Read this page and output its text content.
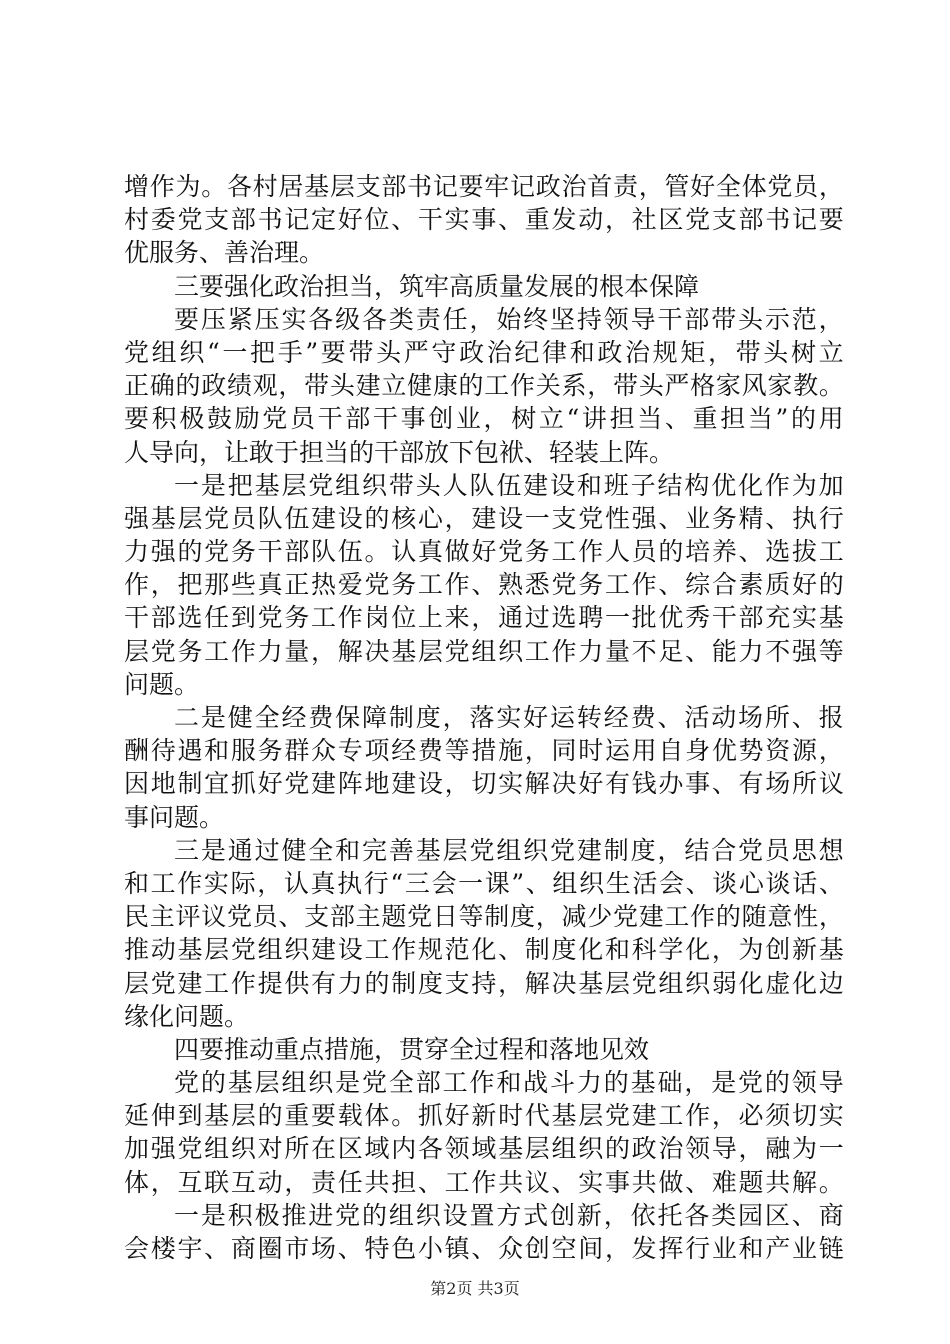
增 作 为 。 各 村 居 基 层 支 部 书 记 要 牢 记 政 治 首 责 ， 管 好 全 体 党 员 ，
村 委 党 支 部 书 记 定 好 位 、 干 实 事 、 重 发 动 ， 社 区 党 支 部 书 记 要
优服务、善治理。
三要强化政治担当，筑牢高质量发展的根本保障
要 压 紧 压 实 各 级 各 类 责 任 ， 始 终 坚 持 领 导 干 部 带 头 示 范 ，
党 组 织 “ 一 把 手 ” 要 带 头 严 守 政 治 纪 律 和 政 治 规 矩 ， 带 头 树 立
正 确 的 政 绩 观 ， 带 头 建 立 健 康 的 工 作 关 系 ， 带 头 严 格 家 风 家 教 。
要 积 极 鼓 励 党 员 干 部 干 事 创 业 ， 树 立 “ 讲 担 当 、 重 担 当 ” 的 用
人导向，让敢于担当的干部放下包袱、轻装上阵。
一 是 把 基 层 党 组 织 带 头 人 队 伍 建 设 和 班 子 结 构 优 化 作 为 加
强 基 层 党 员 队 伍 建 设 的 核 心 ， 建 设 一 支 党 性 强 、 业 务 精 、 执 行
力 强 的 党 务 干 部 队 伍 。 认 真 做 好 党 务 工 作 人 员 的 培 养 、 选 拔 工
作 ， 把 那 些 真 正 热 爱 党 务 工 作 、 熟 悉 党 务 工 作 、 综 合 素 质 好 的
干 部 选 任 到 党 务 工 作 岗 位 上 来 ， 通 过 选 聘 一 批 优 秀 干 部 充 实 基
层 党 务 工 作 力 量 ， 解 决 基 层 党 组 织 工 作 力 量 不 足 、 能 力 不 强 等
问题。
二 是 健 全 经 费 保 障 制 度 ， 落 实 好 运 转 经 费 、 活 动 场 所 、 报
酬 待 遇 和 服 务 群 众 专 项 经 费 等 措 施 ， 同 时 运 用 自 身 优 势 资 源 ，
因 地 制 宜 抓 好 党 建 阵 地 建 设 ， 切 实 解 决 好 有 钱 办 事 、 有 场 所 议
事问题。
三 是 通 过 健 全 和 完 善 基 层 党 组 织 党 建 制 度 ， 结 合 党 员 思 想
和 工 作 实 际 ， 认 真 执 行 “ 三 会 一 课 ” 、 组 织 生 活 会 、 谈 心 谈 话 、
民 主 评 议 党 员 、 支 部 主 题 党 日 等 制 度 ， 减 少 党 建 工 作 的 随 意 性 ，
推 动 基 层 党 组 织 建 设 工 作 规 范 化 、 制 度 化 和 科 学 化 ， 为 创 新 基
层 党 建 工 作 提 供 有 力 的 制 度 支 持 ， 解 决 基 层 党 组 织 弱 化 虚 化 边
缘化问题。
四要推动重点措施，贯穿全过程和落地见效
党 的 基 层 组 织 是 党 全 部 工 作 和 战 斗 力 的 基 础 ， 是 党 的 领 导
延 伸 到 基 层 的 重 要 载 体 。 抓 好 新 时 代 基 层 党 建 工 作 ， 必 须 切 实
加 强 党 组 织 对 所 在 区 域 内 各 领 域 基 层 组 织 的 政 治 领 导 ， 融 为 一
体 ， 互 联 互 动 ， 责 任 共 担 、 工 作 共 议 、 实 事 共 做 、 难 题 共 解 。
一 是 积 极 推 进 党 的 组 织 设 置 方 式 创 新 ， 依 托 各 类 园 区 、 商
会 楼 宇 、 商 圈 市 场 、 特 色 小 镇 、 众 创 空 间 ， 发 挥 行 业 和 产 业 链
第2页 共3页
